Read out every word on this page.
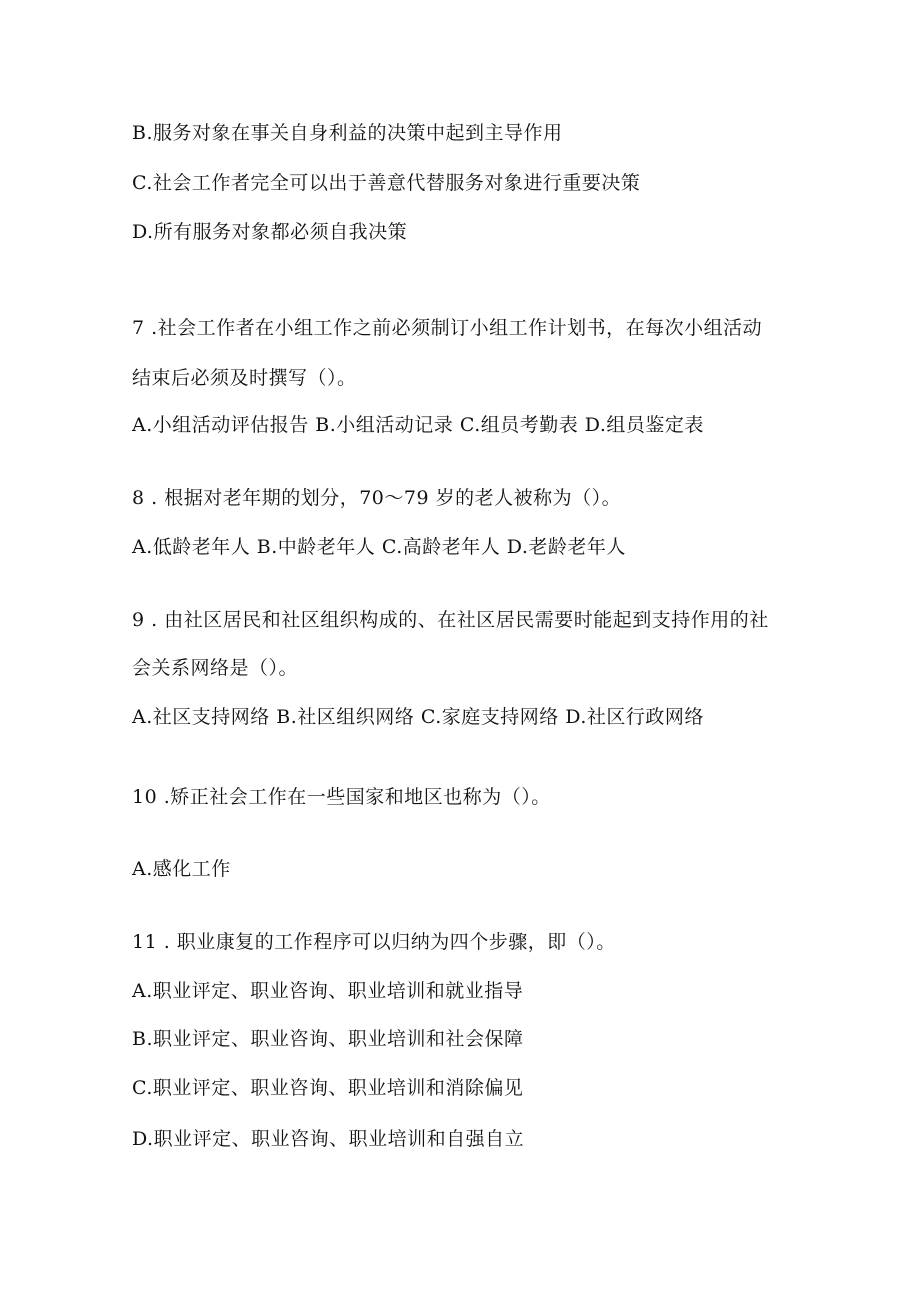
B.服务对象在事关自身利益的决策中起到主导作用
C.社会工作者完全可以出于善意代替服务对象进行重要决策
D.所有服务对象都必须自我决策
7 .社会工作者在小组工作之前必须制订小组工作计划书，在每次小组活动
结束后必须及时撰写（）。
A.小组活动评估报告 B.小组活动记录 C.组员考勤表 D.组员鉴定表
8 . 根据对老年期的划分，70～79 岁的老人被称为（）。
A.低龄老年人 B.中龄老年人 C.高龄老年人 D.老龄老年人
9 . 由社区居民和社区组织构成的、在社区居民需要时能起到支持作用的社
会关系网络是（）。
A.社区支持网络 B.社区组织网络 C.家庭支持网络 D.社区行政网络
10 .矫正社会工作在一些国家和地区也称为（）。
A.感化工作
11 . 职业康复的工作程序可以归纳为四个步骤，即（）。
A.职业评定、职业咨询、职业培训和就业指导
B.职业评定、职业咨询、职业培训和社会保障
C.职业评定、职业咨询、职业培训和消除偏见
D.职业评定、职业咨询、职业培训和自强自立
